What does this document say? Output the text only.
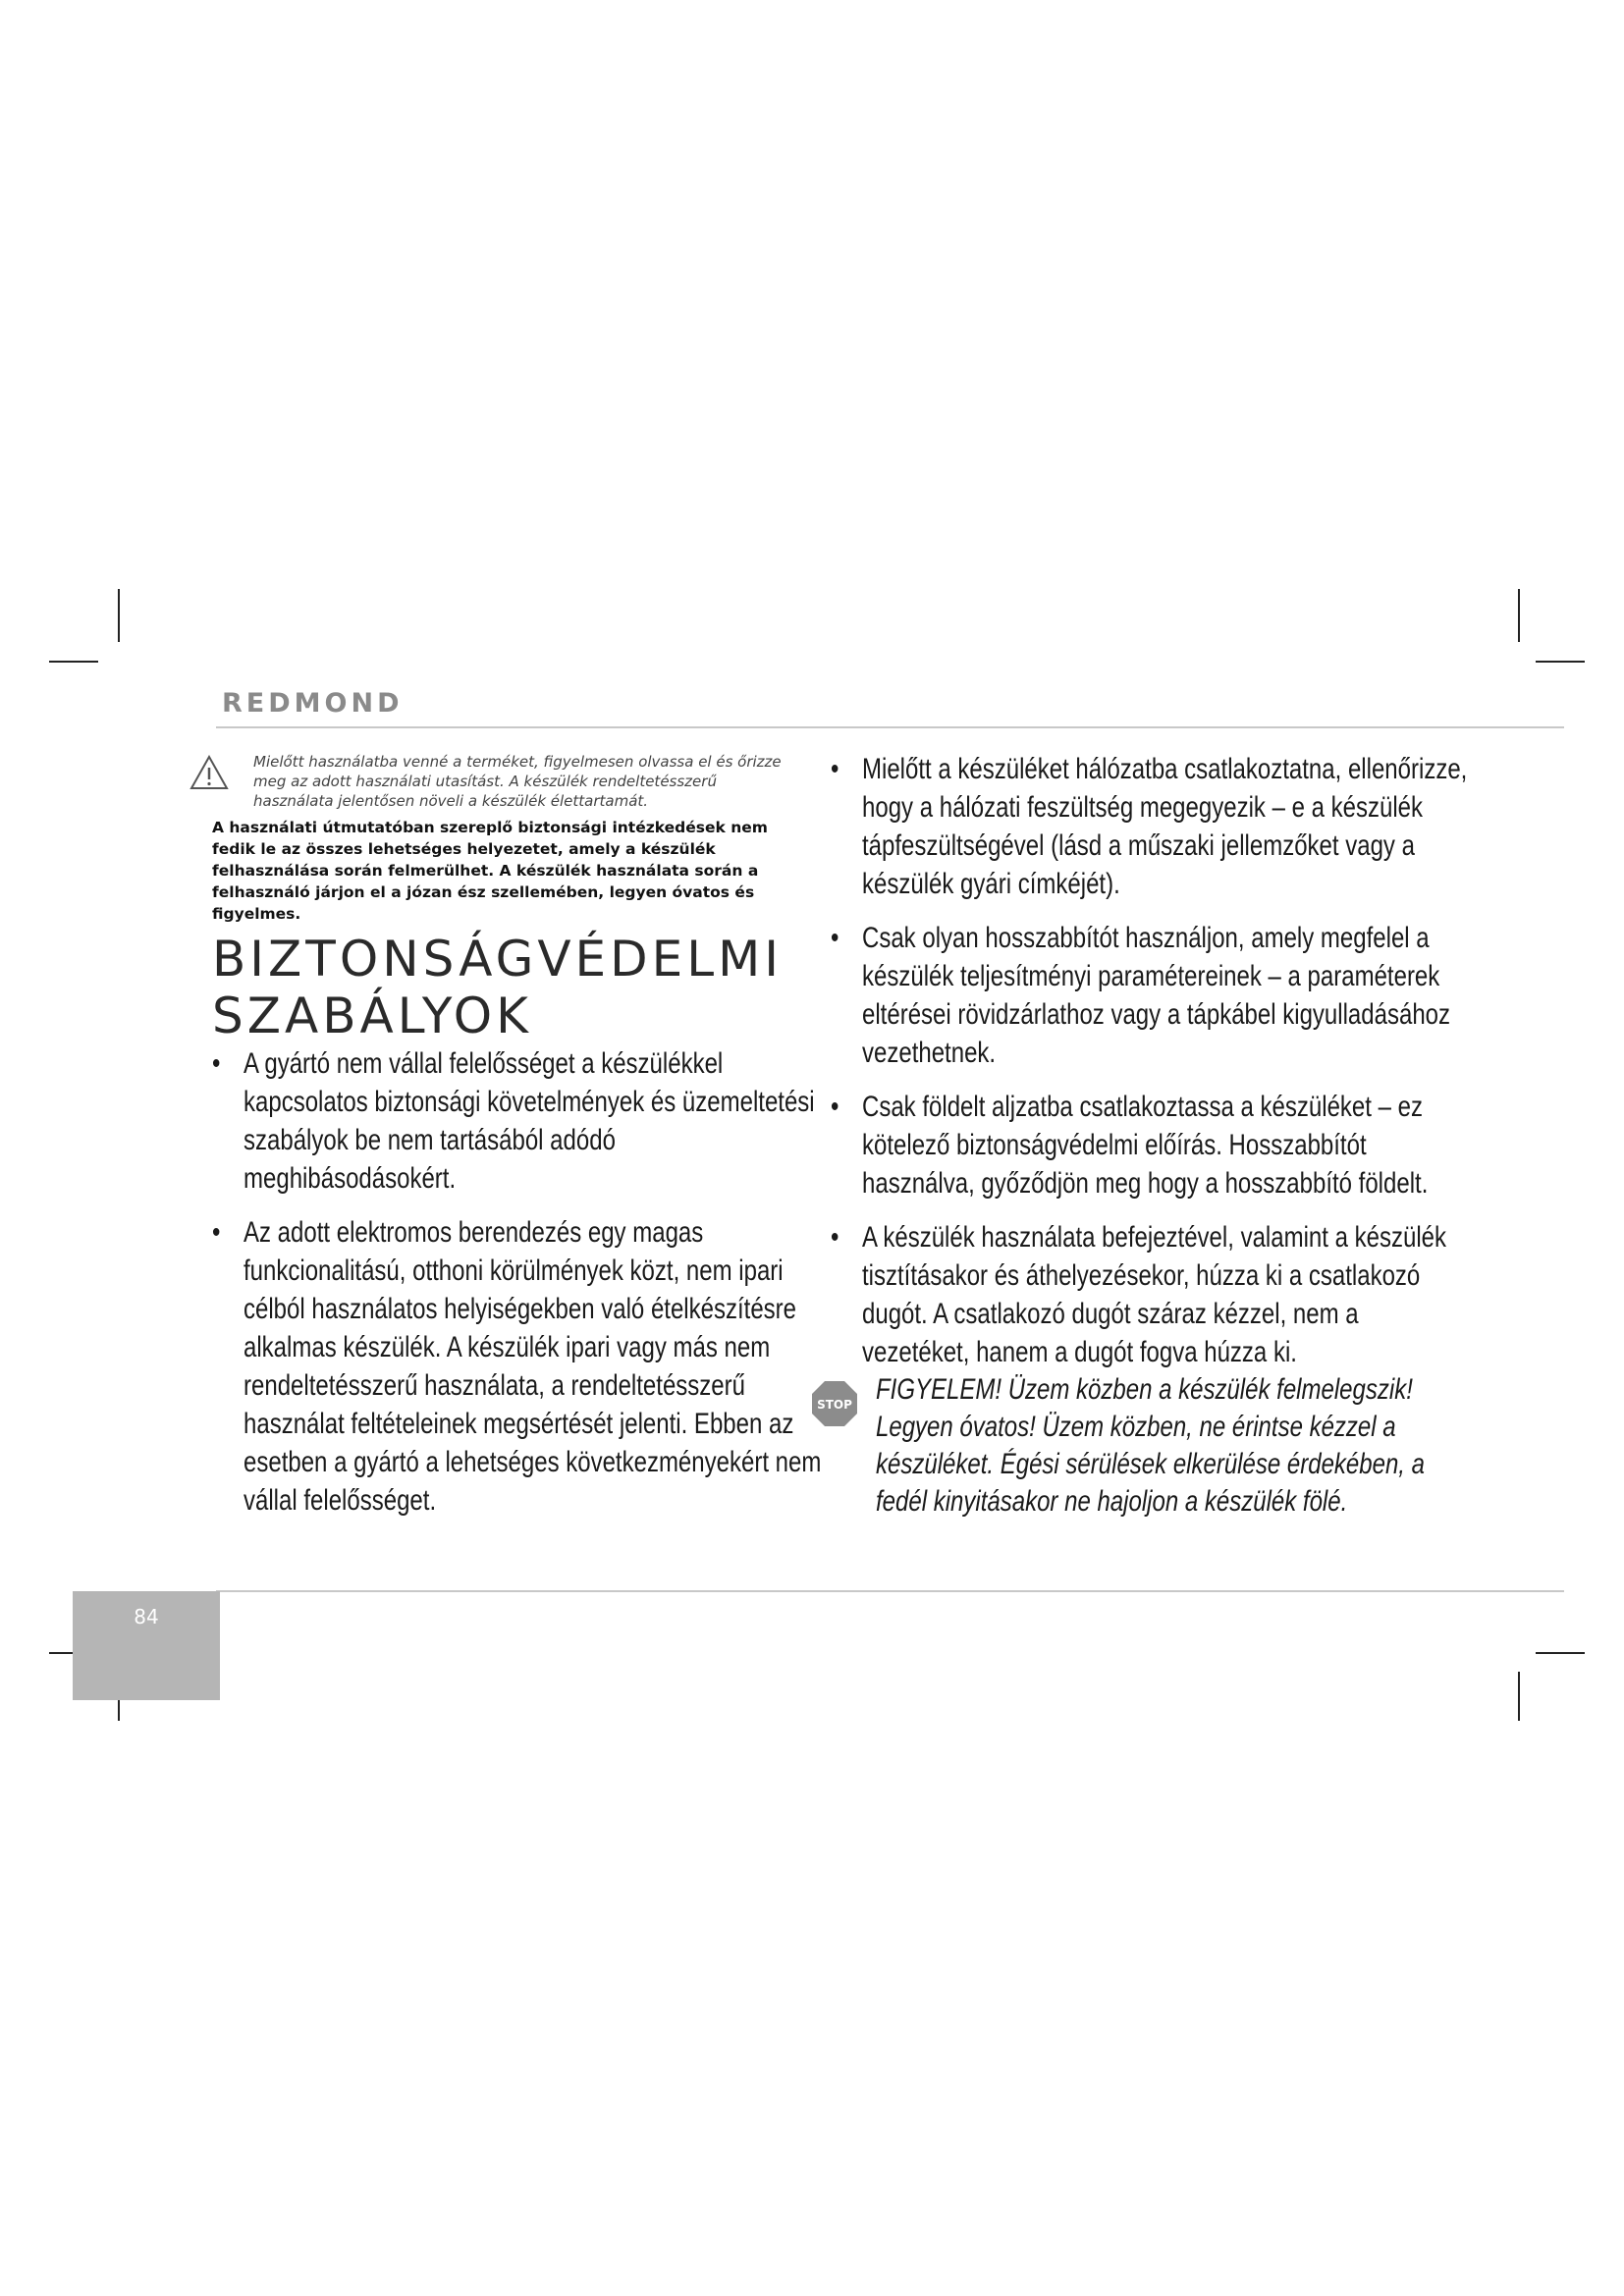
REDMOND

Mielőtt használatba venné a terméket, figyelmesen olvassa el és őrizze meg az adott használati utasítást. A készülék rendeltetésszerű használata jelentősen növeli a készülék élettartamát.

A használati útmutatóban szereplő biztonsági intézkedések nem fedik le az összes lehetséges helyezetet, amely a készülék felhasználása során felmerülhet. A készülék használata során a felhasználó járjon el a józan ész szellemében, legyen óvatos és figyelmes.

BIZTONSÁGVÉDELMI
SZABÁLYOK
• A gyártó nem vállal felelősséget a készülékkel kapcsolatos biztonsági követelmények és üzemeltetési szabályok be nem tartásából adódó meghibásodásokért.
• Az adott elektromos berendezés egy magas funkcionalitású, otthoni körülmények közt, nem ipari célból használatos helyiségekben való ételkészítésre alkalmas készülék. A készülék ipari vagy más nem rendeltetésszerű használata, a rendeltetésszerű használat feltételeinek megsértését jelenti. Ebben az esetben a gyártó a lehetséges következményekért nem vállal felelősséget.
• Mielőtt a készüléket hálózatba csatlakoztatna, ellenőrizze, hogy a hálózati feszültség megegyezik – e a készülék tápfeszültségével (lásd a műszaki jellemzőket vagy a készülék gyári címkéjét).
• Csak olyan hosszabbítót használjon, amely megfelel a készülék teljesítményi paramétereinek – a paraméterek eltérései rövidzárlathoz vagy a tápkábel kigyulladásához vezethetnek.
• Csak földelt aljzatba csatlakoztassa a készüléket – ez kötelező biztonságvédelmi előírás. Hosszabbítót használva, győződjön meg hogy a hosszabbító földelt.
• A készülék használata befejeztével, valamint a készülék tisztításakor és áthelyezésekor, húzza ki a csatlakozó dugót. A csatlakozó dugót száraz kézzel, nem a vezetéket, hanem a dugót fogva húzza ki.
STOP FIGYELEM! Üzem közben a készülék felmelegszik! Legyen óvatos! Üzem közben, ne érintse kézzel a készüléket. Égési sérülések elkerülése érdekében, a fedél kinyitásakor ne hajoljon a készülék fölé.
84
